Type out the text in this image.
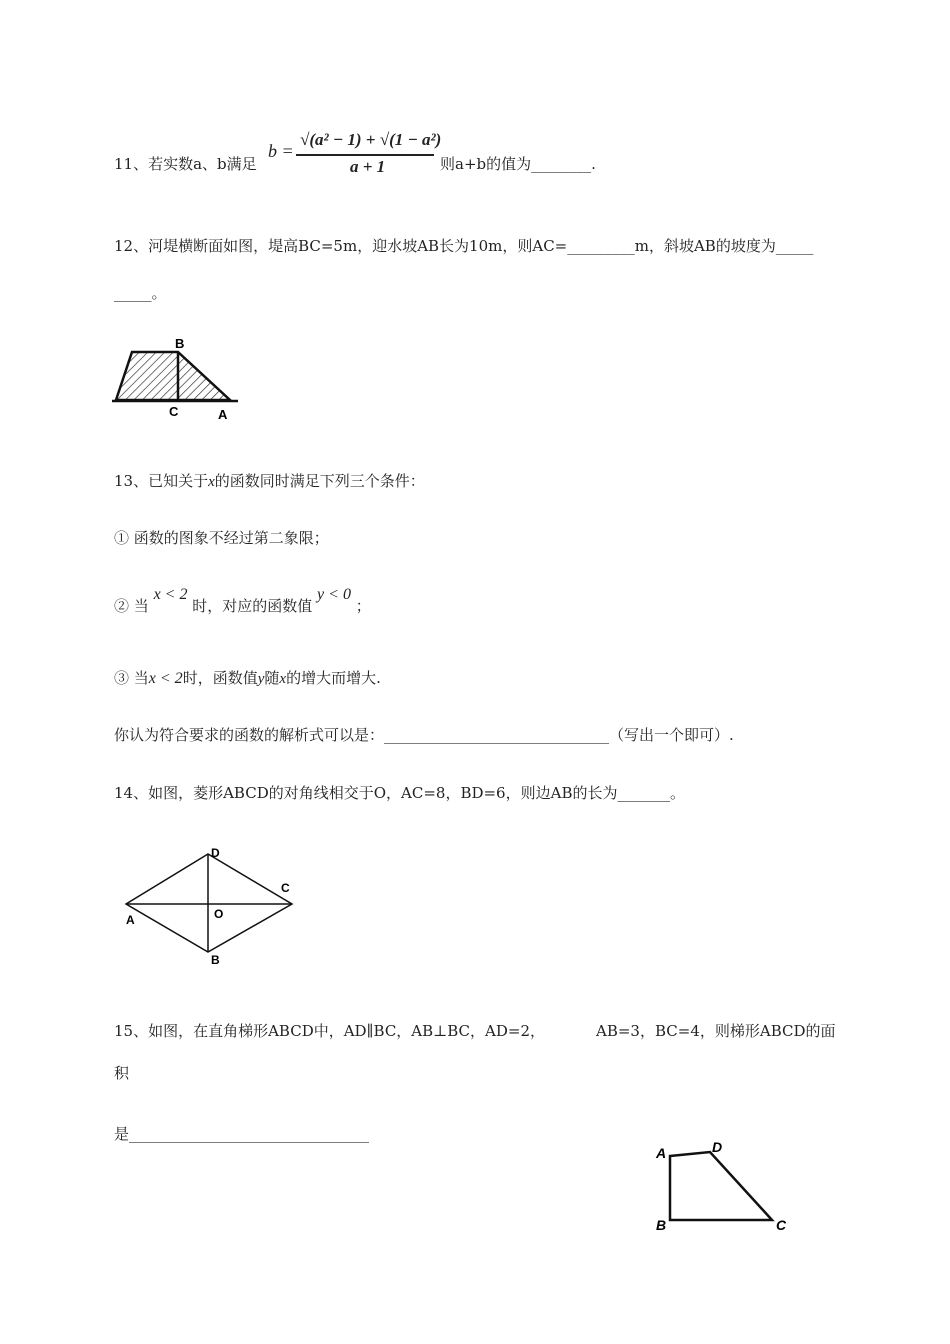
11、若实数a、b满足
b =
√(a² − 1) + √(1 − a²)
a + 1	则a+b的值为________.
12、河堤横断面如图，堤高BC=5m，迎水坡AB长为10m，则AC=_________m，斜坡AB的坡度为_____
_____。
B
C	A
13、已知关于x的函数同时满足下列三个条件：
① 函数的图象不经过第二象限；
② 当 x < 2 时，对应的函数值 y < 0 ；
③ 当x < 2时，函数值y随x的增大而增大.
你认为符合要求的函数的解析式可以是：______________________________（写出一个即可）.
14、如图，菱形ABCD的对角线相交于O，AC=8，BD=6，则边AB的长为_______。
D
C
A	O
B
15、如图，在直角梯形ABCD中，AD∥BC，AB⊥BC，AD=2，	AB=3，BC=4，则梯形ABCD的面
积
是________________________________
A	D
B	C
